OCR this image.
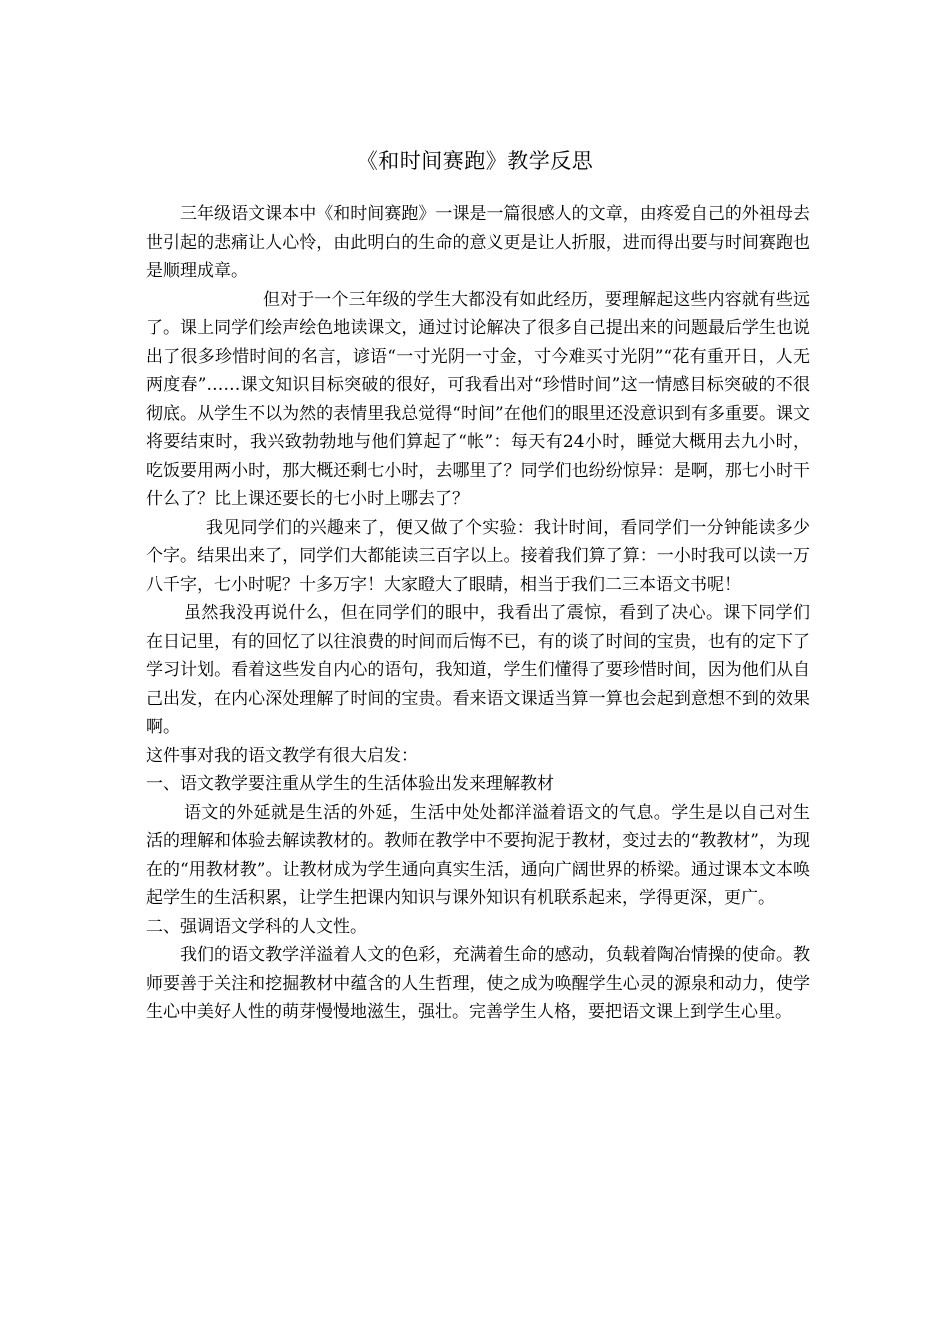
《和时间赛跑》教学反思

三年级语文课本中《和时间赛跑》一课是一篇很感人的文章，由疼爱自己的外祖母去世引起的悲痛让人心怜，由此明白的生命的意义更是让人折服，进而得出要与时间赛跑也是顺理成章。

但对于一个三年级的学生大都没有如此经历，要理解起这些内容就有些远了。课上同学们绘声绘色地读课文，通过讨论解决了很多自己提出来的问题最后学生也说出了很多珍惜时间的名言，谚语“一寸光阴一寸金，寸今难买寸光阴”“花有重开日，人无两度春”……课文知识目标突破的很好，可我看出对“珍惜时间”这一情感目标突破的不很彻底。从学生不以为然的表情里我总觉得“时间”在他们的眼里还没意识到有多重要。课文将要结束时，我兴致勃勃地与他们算起了“帐”：每天有24小时，睡觉大概用去九小时，吃饭要用两小时，那大概还剩七小时，去哪里了？同学们也纷纷惊异：是啊，那七小时干什么了？比上课还要长的七小时上哪去了？

我见同学们的兴趣来了，便又做了个实验：我计时间，看同学们一分钟能读多少个字。结果出来了，同学们大都能读三百字以上。接着我们算了算：一小时我可以读一万八千字，七小时呢？十多万字！大家瞪大了眼睛，相当于我们二三本语文书呢！

虽然我没再说什么，但在同学们的眼中，我看出了震惊，看到了决心。课下同学们在日记里，有的回忆了以往浪费的时间而后悔不已，有的谈了时间的宝贵，也有的定下了学习计划。看着这些发自内心的语句，我知道，学生们懂得了要珍惜时间，因为他们从自己出发，在内心深处理解了时间的宝贵。看来语文课适当算一算也会起到意想不到的效果啊。

这件事对我的语文教学有很大启发：

一、语文教学要注重从学生的生活体验出发来理解教材

语文的外延就是生活的外延，生活中处处都洋溢着语文的气息。学生是以自己对生活的理解和体验去解读教材的。教师在教学中不要拘泥于教材，变过去的“教教材”，为现在的“用教材教”。让教材成为学生通向真实生活，通向广阔世界的桥梁。通过课本文本唤起学生的生活积累，让学生把课内知识与课外知识有机联系起来，学得更深，更广。

二、强调语文学科的人文性。

我们的语文教学洋溢着人文的色彩，充满着生命的感动，负载着陶冶情操的使命。教师要善于关注和挖掘教材中蕴含的人生哲理，使之成为唤醒学生心灵的源泉和动力，使学生心中美好人性的萌芽慢慢地滋生，强壮。完善学生人格，要把语文课上到学生心里。
